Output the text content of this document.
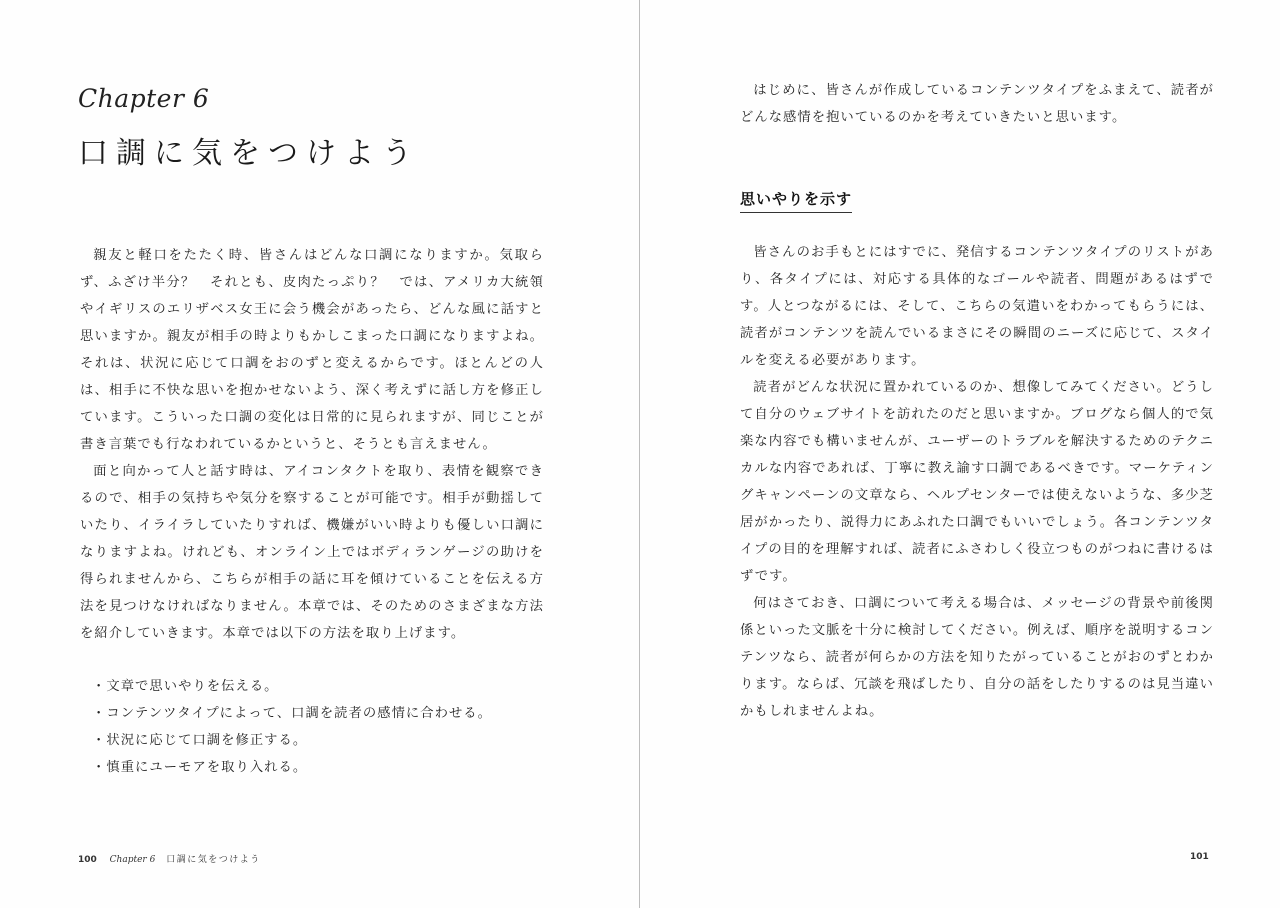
Chapter 6
口調に気をつけよう

親友と軽口をたたく時、皆さんはどんな口調になりますか。気取らず、ふざけ半分？　それとも、皮肉たっぷり？　では、アメリカ大統領やイギリスのエリザベス女王に会う機会があったら、どんな風に話すと思いますか。親友が相手の時よりもかしこまった口調になりますよね。それは、状況に応じて口調をおのずと変えるからです。ほとんどの人は、相手に不快な思いを抱かせないよう、深く考えずに話し方を修正しています。こういった口調の変化は日常的に見られますが、同じことが書き言葉でも行なわれているかというと、そうとも言えません。

面と向かって人と話す時は、アイコンタクトを取り、表情を観察できるので、相手の気持ちや気分を察することが可能です。相手が動揺していたり、イライラしていたりすれば、機嫌がいい時よりも優しい口調になりますよね。けれども、オンライン上ではボディランゲージの助けを得られませんから、こちらが相手の話に耳を傾けていることを伝える方法を見つけなければなりません。本章では、そのためのさまざまな方法を紹介していきます。本章では以下の方法を取り上げます。

・ 文章で思いやりを伝える。
・ コンテンツタイプによって、口調を読者の感情に合わせる。
・ 状況に応じて口調を修正する。
・ 慎重にユーモアを取り入れる。
100 Chapter 6 口調に気をつけよう

はじめに、皆さんが作成しているコンテンツタイプをふまえて、読者がどんな感情を抱いているのかを考えていきたいと思います。

思いやりを示す

皆さんのお手もとにはすでに、発信するコンテンツタイプのリストがあり、各タイプには、対応する具体的なゴールや読者、問題があるはずです。人とつながるには、そして、こちらの気遣いをわかってもらうには、読者がコンテンツを読んでいるまさにその瞬間のニーズに応じて、スタイルを変える必要があります。

読者がどんな状況に置かれているのか、想像してみてください。どうして自分のウェブサイトを訪れたのだと思いますか。ブログなら個人的で気楽な内容でも構いませんが、ユーザーのトラブルを解決するためのテクニカルな内容であれば、丁寧に教え諭す口調であるべきです。マーケティングキャンペーンの文章なら、ヘルプセンターでは使えないような、多少芝居がかったり、説得力にあふれた口調でもいいでしょう。各コンテンツタイプの目的を理解すれば、読者にふさわしく役立つものがつねに書けるはずです。

何はさておき、口調について考える場合は、メッセージの背景や前後関係といった文脈を十分に検討してください。例えば、順序を説明するコンテンツなら、読者が何らかの方法を知りたがっていることがおのずとわかります。ならば、冗談を飛ばしたり、自分の話をしたりするのは見当違いかもしれませんよね。

101
